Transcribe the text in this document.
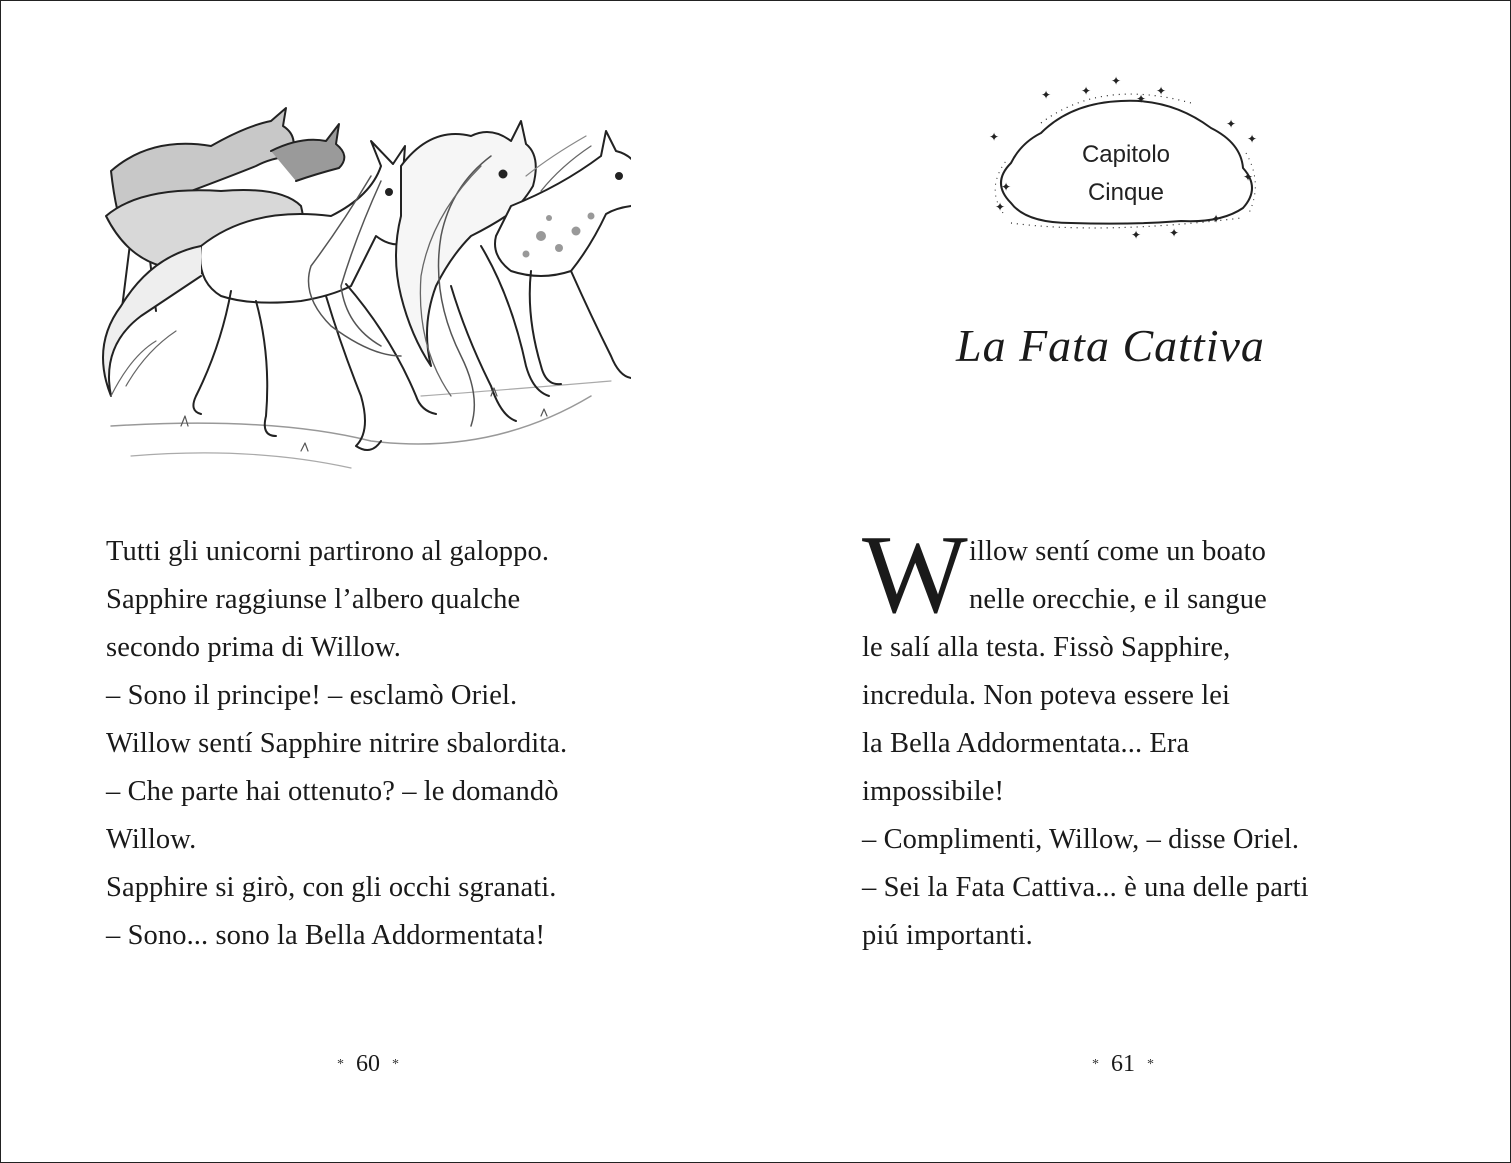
Tutti gli unicorni partirono al galoppo.
Sapphire raggiunse l’albero qualche
secondo prima di Willow.
– Sono il principe! – esclamò Oriel.
Willow sentí Sapphire nitrire sbalordita.
– Che parte hai ottenuto? – le domandò
Willow.
Sapphire si girò, con gli occhi sgranati.
– Sono... sono la Bella Addormentata!
* 60 *
✦
✦
✦
✦
✦
✦
✦
✦
✦
✦
✦ ✦
✦
✦
Capitolo
Cinque
La Fata Cattiva
W illow sentí come un boato
nelle orecchie, e il sangue
le salí alla testa. Fissò Sapphire,
incredula. Non poteva essere lei
la Bella Addormentata... Era
impossibile!
– Complimenti, Willow, – disse Oriel.
– Sei la Fata Cattiva... è una delle parti
piú importanti.
* 61 *
